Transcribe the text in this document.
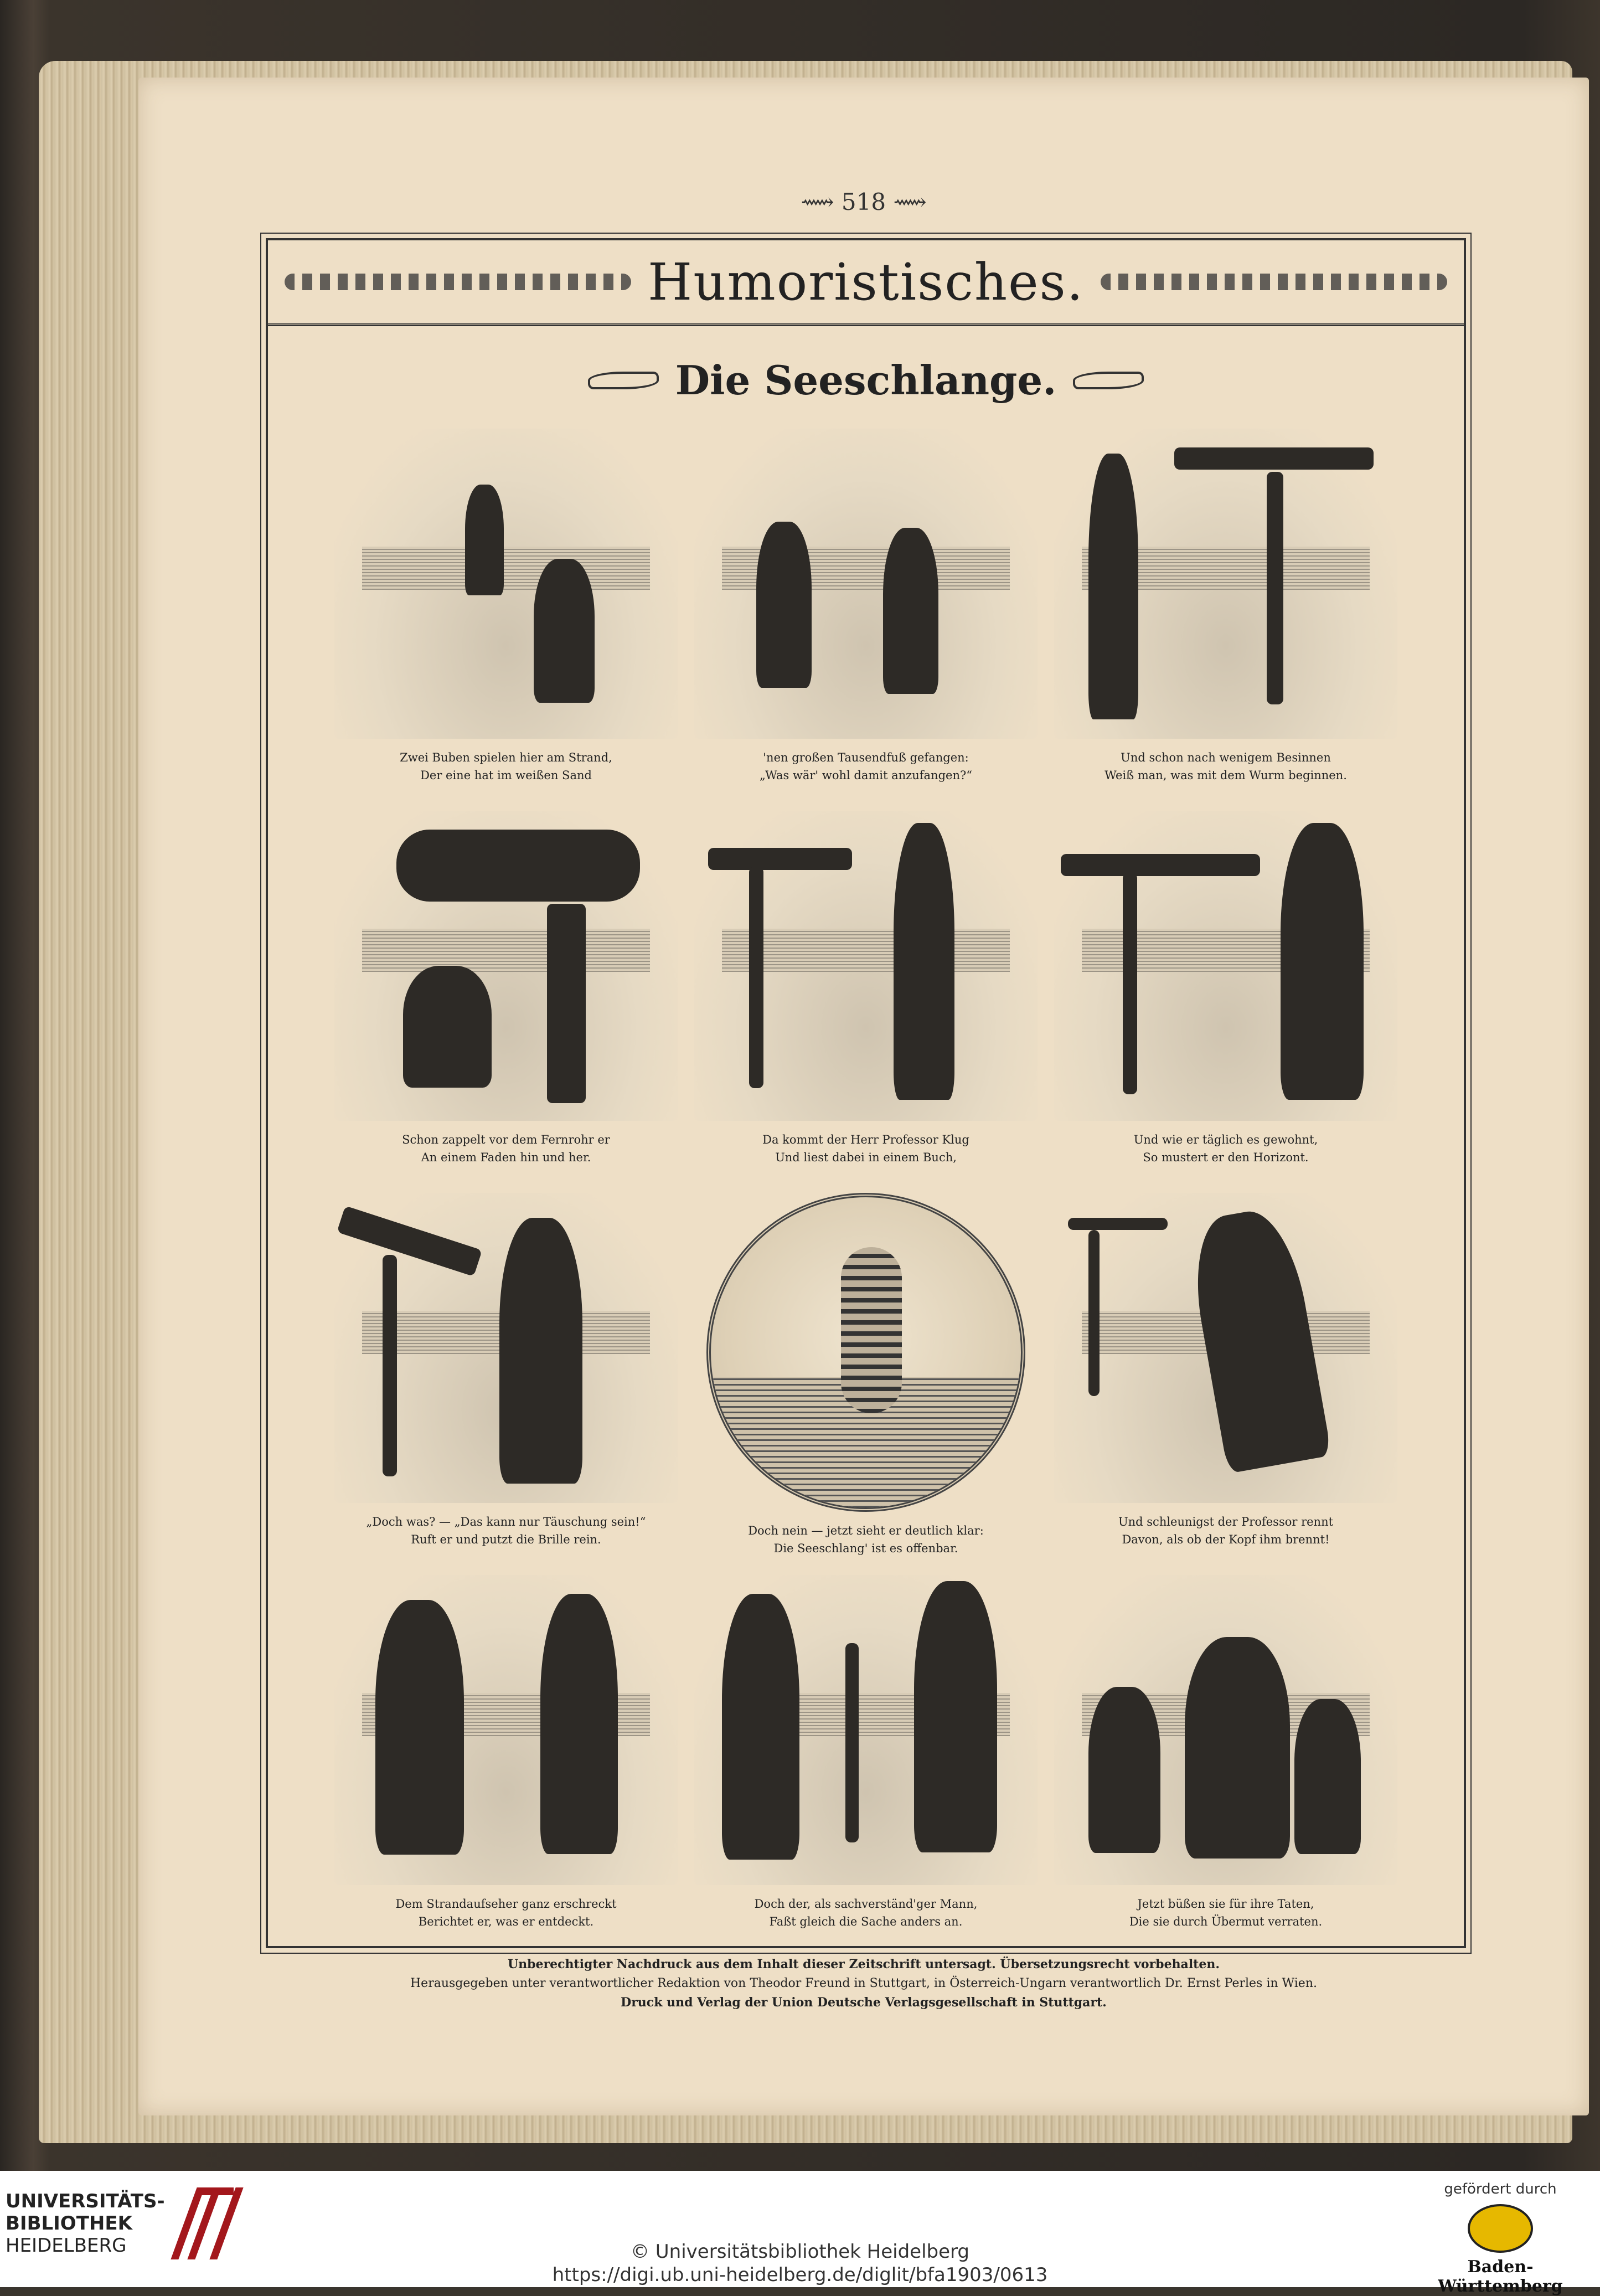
⟿ 518 ⟿
Humoristisches.
Die Seeschlange.
Zwei Buben spielen hier am Strand,
Der eine hat im weißen Sand
'nen großen Tausendfuß gefangen:
„Was wär' wohl damit anzufangen?“
Und schon nach wenigem Besinnen
Weiß man, was mit dem Wurm beginnen.
Schon zappelt vor dem Fernrohr er
An einem Faden hin und her.
Da kommt der Herr Professor Klug
Und liest dabei in einem Buch,
Und wie er täglich es gewohnt,
So mustert er den Horizont.
„Doch was? — „Das kann nur Täuschung sein!“
Ruft er und putzt die Brille rein.
Doch nein — jetzt sieht er deutlich klar:
Die Seeschlang' ist es offenbar.
Und schleunigst der Professor rennt
Davon, als ob der Kopf ihm brennt!
Dem Strandaufseher ganz erschreckt
Berichtet er, was er entdeckt.
Doch der, als sachverständ'ger Mann,
Faßt gleich die Sache anders an.
Jetzt büßen sie für ihre Taten,
Die sie durch Übermut verraten.
Unberechtigter Nachdruck aus dem Inhalt dieser Zeitschrift untersagt. Übersetzungsrecht vorbehalten.
Herausgegeben unter verantwortlicher Redaktion von Theodor Freund in Stuttgart, in Österreich-Ungarn verantwortlich Dr. Ernst Perles in Wien.
Druck und Verlag der Union Deutsche Verlagsgesellschaft in Stuttgart.
UNIVERSITÄTS-
BIBLIOTHEK
HEIDELBERG	© Universitätsbibliothek Heidelberg
https://digi.ub.uni-heidelberg.de/diglit/bfa1903/0613
gefördert durch
Baden-Württemberg
